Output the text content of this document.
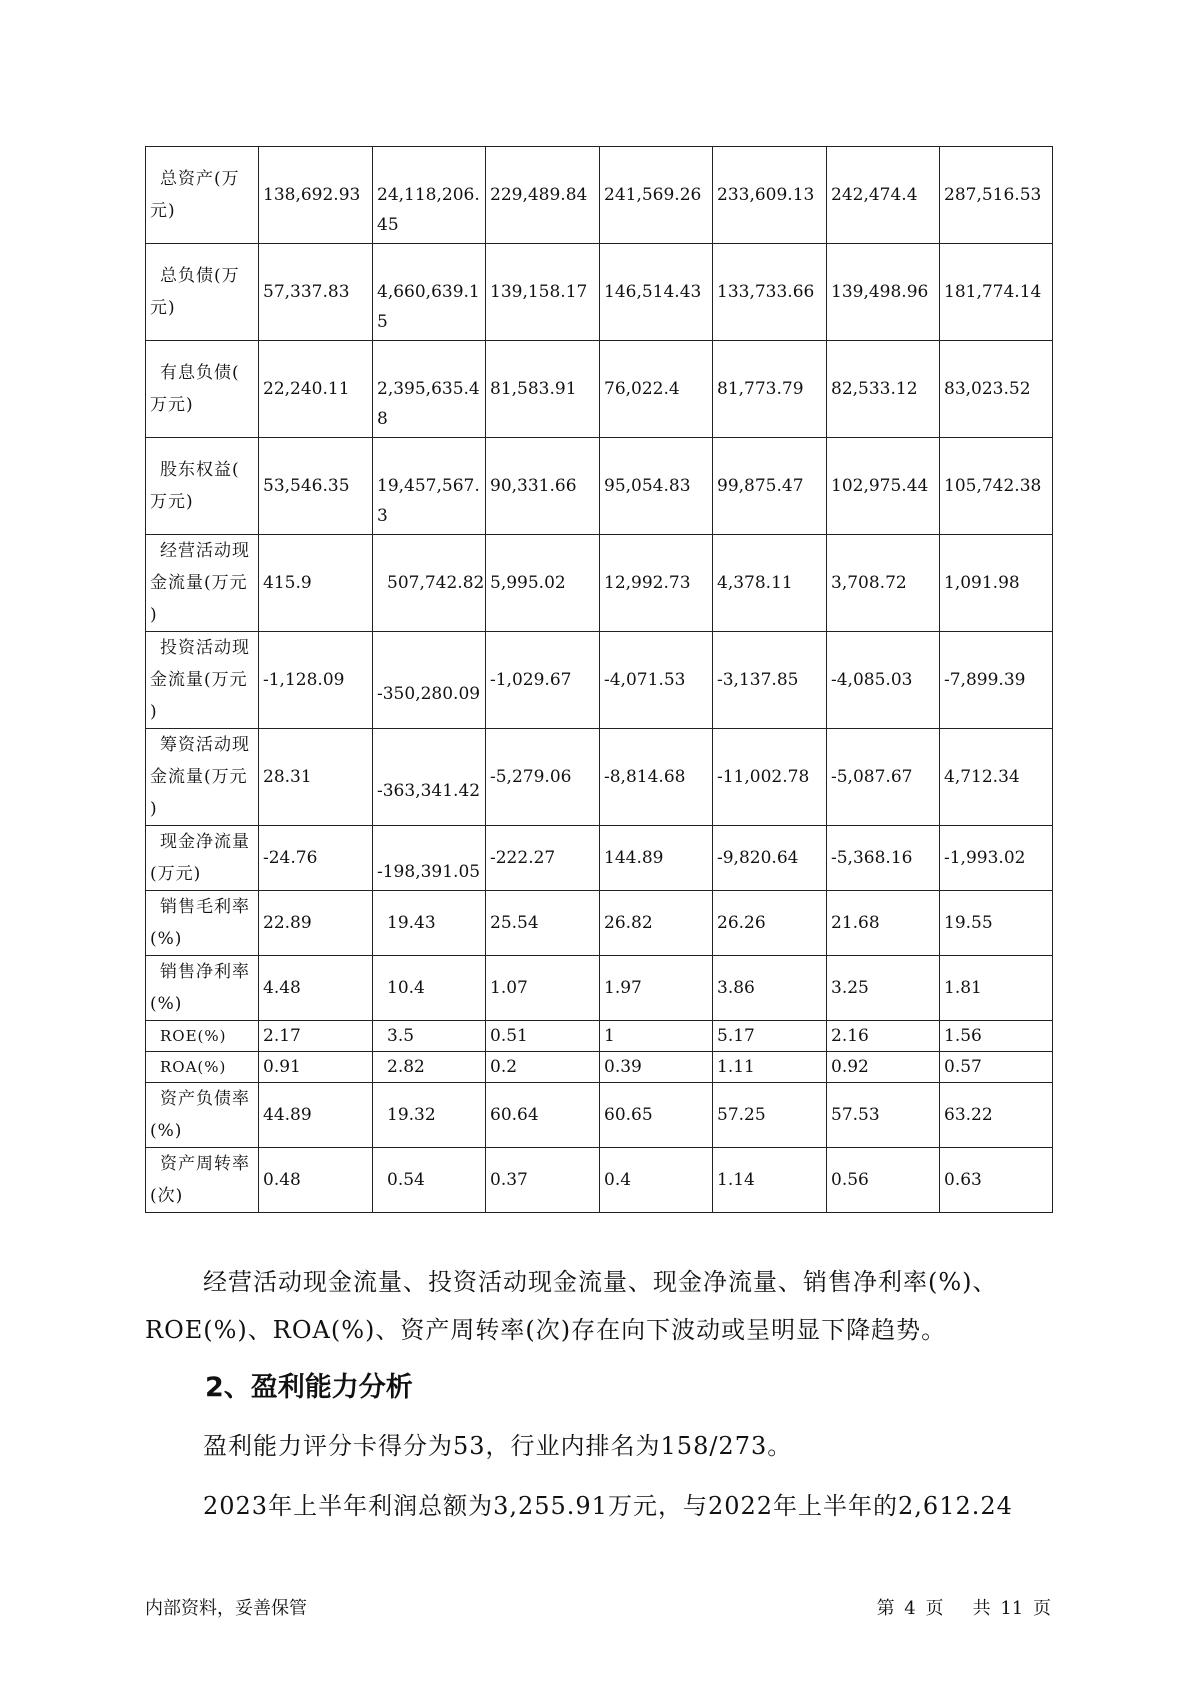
总资产(万
元)	138,692.93	24,118,206.45	229,489.84	241,569.26	233,609.13	242,474.4	287,516.53
总负债(万
元)	57,337.83	4,660,639.15	139,158.17	146,514.43	133,733.66	139,498.96	181,774.14
有息负债(
万元)	22,240.11	2,395,635.48	81,583.91	76,022.4	81,773.79	82,533.12	83,023.52
股东权益(
万元)	53,546.35	19,457,567.3	90,331.66	95,054.83	99,875.47	102,975.44	105,742.38
经营活动现
金流量(万元
)	415.9	507,742.82	5,995.02	12,992.73	4,378.11	3,708.72	1,091.98
投资活动现
金流量(万元
)	-1,128.09	-350,280.09	-1,029.67	-4,071.53	-3,137.85	-4,085.03	-7,899.39
筹资活动现
金流量(万元
)	28.31	-363,341.42	-5,279.06	-8,814.68	-11,002.78	-5,087.67	4,712.34
现金净流量
(万元)	-24.76	-198,391.05	-222.27	144.89	-9,820.64	-5,368.16	-1,993.02
销售毛利率
(%)	22.89	19.43	25.54	26.82	26.26	21.68	19.55
销售净利率
(%)	4.48	10.4	1.07	1.97	3.86	3.25	1.81
ROE(%)	2.17	3.5	0.51	1	5.17	2.16	1.56
ROA(%)	0.91	2.82	0.2	0.39	1.11	0.92	0.57
资产负债率
(%)	44.89	19.32	60.64	60.65	57.25	57.53	63.22
资产周转率
(次)	0.48	0.54	0.37	0.4	1.14	0.56	0.63

经营活动现金流量、投资活动现金流量、现金净流量、销售净利率(%)、ROE(%)、ROA(%)、资产周转率(次)存在向下波动或呈明显下降趋势。

2、盈利能力分析

盈利能力评分卡得分为53，行业内排名为158/273。

2023年上半年利润总额为3,255.91万元，与2022年上半年的2,612.24

内部资料，妥善保管	第 4 页   共 11 页
